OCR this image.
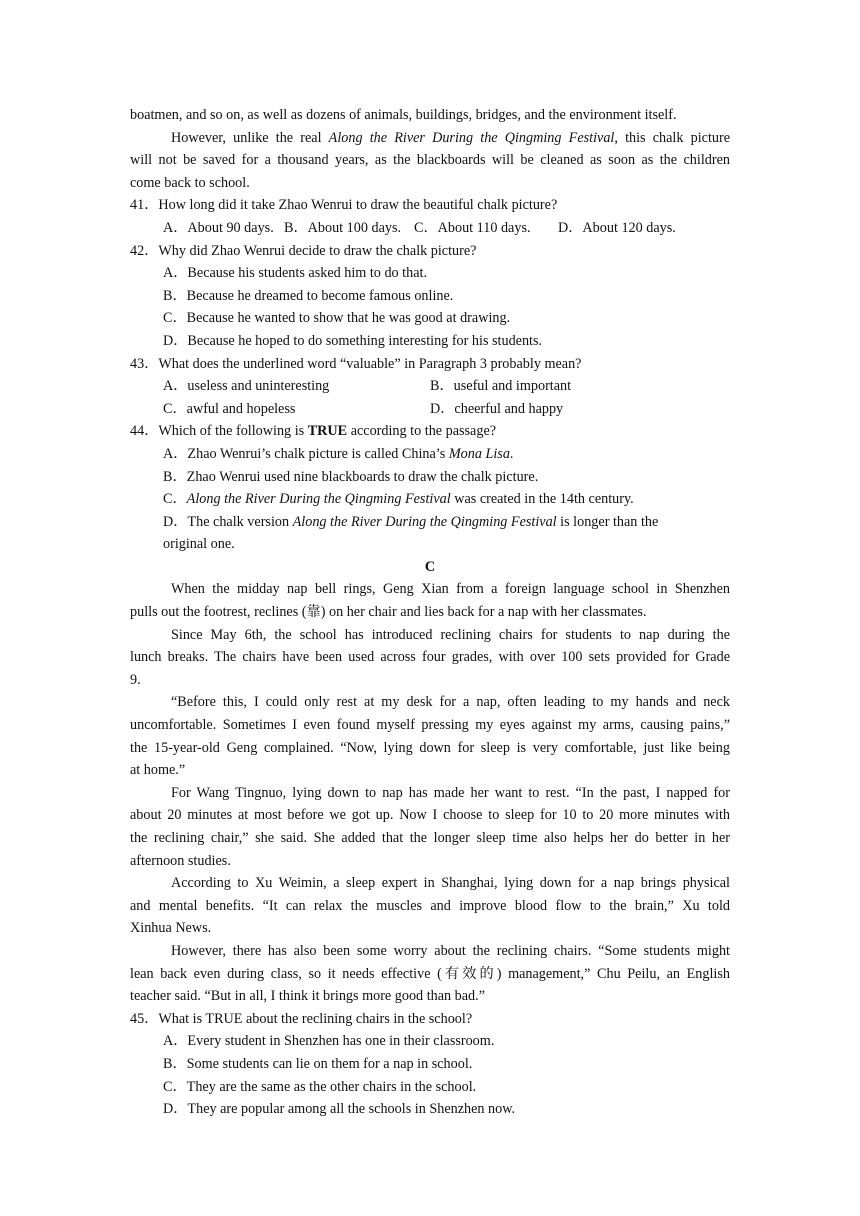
boatmen, and so on, as well as dozens of animals, buildings, bridges, and the environment itself.
However, unlike the real Along the River During the Qingming Festival, this chalk picture
will not be saved for a thousand years, as the blackboards will be cleaned as soon as the children
come back to school.
41．How long did it take Zhao Wenrui to draw the beautiful chalk picture?
A．About 90 days. B．About 100 days. C．About 110 days. D．About 120 days.
42．Why did Zhao Wenrui decide to draw the chalk picture?
A．Because his students asked him to do that.
B．Because he dreamed to become famous online.
C．Because he wanted to show that he was good at drawing.
D．Because he hoped to do something interesting for his students.
43．What does the underlined word “valuable” in Paragraph 3 probably mean?
A．useless and uninteresting	B．useful and important
C．awful and hopeless	D．cheerful and happy
44．Which of the following is TRUE according to the passage?
A．Zhao Wenrui’s chalk picture is called China’s Mona Lisa.
B．Zhao Wenrui used nine blackboards to draw the chalk picture.
C．Along the River During the Qingming Festival was created in the 14th century.
D．The chalk version Along the River During the Qingming Festival is longer than the
original one.
C
When the midday nap bell rings, Geng Xian from a foreign language school in Shenzhen
pulls out the footrest, reclines (靠) on her chair and lies back for a nap with her classmates.
Since May 6th, the school has introduced reclining chairs for students to nap during the
lunch breaks. The chairs have been used across four grades, with over 100 sets provided for Grade
9.
“Before this, I could only rest at my desk for a nap, often leading to my hands and neck
uncomfortable. Sometimes I even found myself pressing my eyes against my arms, causing pains,”
the 15-year-old Geng complained. “Now, lying down for sleep is very comfortable, just like being
at home.”
For Wang Tingnuo, lying down to nap has made her want to rest. “In the past, I napped for
about 20 minutes at most before we got up. Now I choose to sleep for 10 to 20 more minutes with
the reclining chair,” she said. She added that the longer sleep time also helps her do better in her
afternoon studies.
According to Xu Weimin, a sleep expert in Shanghai, lying down for a nap brings physical
and mental benefits. “It can relax the muscles and improve blood flow to the brain,” Xu told
Xinhua News.
However, there has also been some worry about the reclining chairs. “Some students might
lean back even during class, so it needs effective (有效的) management,” Chu Peilu, an English
teacher said. “But in all, I think it brings more good than bad.”
45．What is TRUE about the reclining chairs in the school?
A．Every student in Shenzhen has one in their classroom.
B．Some students can lie on them for a nap in school.
C．They are the same as the other chairs in the school.
D．They are popular among all the schools in Shenzhen now.
